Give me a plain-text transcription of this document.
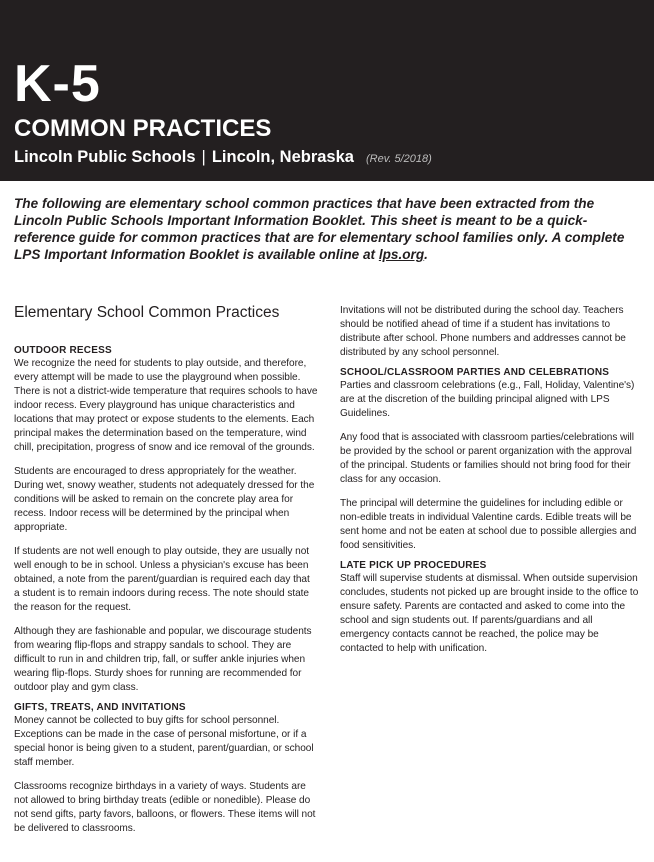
K-5
COMMON PRACTICES
Lincoln Public Schools | Lincoln, Nebraska (Rev. 5/2018)

The following are elementary school common practices that have been extracted from the Lincoln Public Schools Important Information Booklet. This sheet is meant to be a quick-reference guide for common practices that are for elementary school families only. A complete LPS Important Information Booklet is available online at lps.org.

Elementary School Common Practices
OUTDOOR RECESS

We recognize the need for students to play outside, and therefore, every attempt will be made to use the playground when possible. There is not a district-wide temperature that requires schools to have indoor recess. Every playground has unique characteristics and locations that may protect or expose students to the elements. Each principal makes the determination based on the temperature, wind chill, precipitation, progress of snow and ice removal of the grounds.

Students are encouraged to dress appropriately for the weather. During wet, snowy weather, students not adequately dressed for the conditions will be asked to remain on the concrete play area for recess. Indoor recess will be determined by the principal when appropriate.

If students are not well enough to play outside, they are usually not well enough to be in school. Unless a physician's excuse has been obtained, a note from the parent/guardian is required each day that a student is to remain indoors during recess. The note should state the reason for the request.

Although they are fashionable and popular, we discourage students from wearing flip-flops and strappy sandals to school. They are difficult to run in and children trip, fall, or suffer ankle injuries when wearing flip-flops. Sturdy shoes for running are recommended for outdoor play and gym class.

GIFTS, TREATS, AND INVITATIONS

Money cannot be collected to buy gifts for school personnel. Exceptions can be made in the case of personal misfortune, or if a special honor is being given to a student, parent/guardian, or school staff member.

Classrooms recognize birthdays in a variety of ways. Students are not allowed to bring birthday treats (edible or nonedible). Please do not send gifts, party favors, balloons, or flowers. These items will not be delivered to classrooms.

Invitations will not be distributed during the school day. Teachers should be notified ahead of time if a student has invitations to distribute after school. Phone numbers and addresses cannot be distributed by any school personnel.

SCHOOL/CLASSROOM PARTIES AND CELEBRATIONS

Parties and classroom celebrations (e.g., Fall, Holiday, Valentine's) are at the discretion of the building principal aligned with LPS Guidelines.

Any food that is associated with classroom parties/celebrations will be provided by the school or parent organization with the approval of the principal. Students or families should not bring food for their class for any occasion.

The principal will determine the guidelines for including edible or non-edible treats in individual Valentine cards. Edible treats will be sent home and not be eaten at school due to possible allergies and food sensitivities.

LATE PICK UP PROCEDURES

Staff will supervise students at dismissal. When outside supervision concludes, students not picked up are brought inside to the office to ensure safety. Parents are contacted and asked to come into the school and sign students out. If parents/guardians and all emergency contacts cannot be reached, the police may be contacted to help with unification.
